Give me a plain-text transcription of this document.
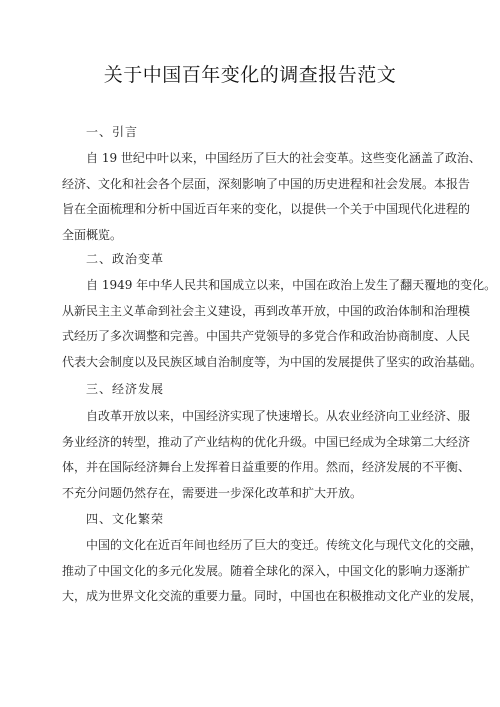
关于中国百年变化的调查报告范文
一、引言
自 19 世纪中叶以来，中国经历了巨大的社会变革。这些变化涵盖了政治、
经济、文化和社会各个层面，深刻影响了中国的历史进程和社会发展。本报告
旨在全面梳理和分析中国近百年来的变化，以提供一个关于中国现代化进程的
全面概览。
二、政治变革
自 1949 年中华人民共和国成立以来，中国在政治上发生了翻天覆地的变化。
从新民主主义革命到社会主义建设，再到改革开放，中国的政治体制和治理模
式经历了多次调整和完善。中国共产党领导的多党合作和政治协商制度、人民
代表大会制度以及民族区域自治制度等，为中国的发展提供了坚实的政治基础。
三、经济发展
自改革开放以来，中国经济实现了快速增长。从农业经济向工业经济、服
务业经济的转型，推动了产业结构的优化升级。中国已经成为全球第二大经济
体，并在国际经济舞台上发挥着日益重要的作用。然而，经济发展的不平衡、
不充分问题仍然存在，需要进一步深化改革和扩大开放。
四、文化繁荣
中国的文化在近百年间也经历了巨大的变迁。传统文化与现代文化的交融，
推动了中国文化的多元化发展。随着全球化的深入，中国文化的影响力逐渐扩
大，成为世界文化交流的重要力量。同时，中国也在积极推动文化产业的发展，
